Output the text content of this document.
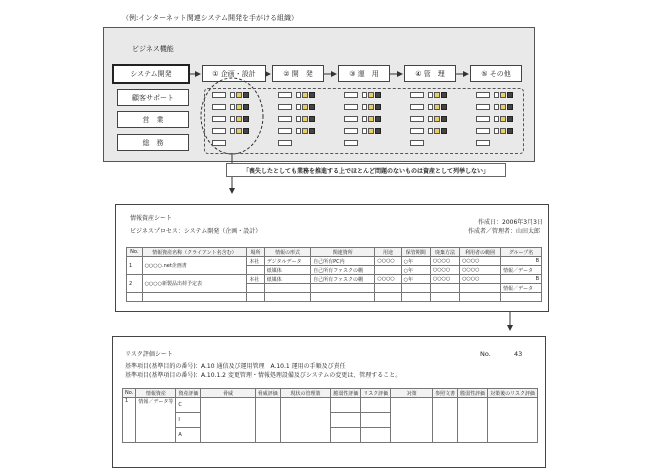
（例:インターネット関連システム開発を手がける組織）
ビジネス機能
システム開発
顧客サポート
営　業
総　務
① 企画・設計	② 開　発	③ 運　用	④ 管　理	⑤ その他
「喪失したとしても業務を推進する上でほとんど問題のないものは資産として列挙しない」
情報資産シート
作成日：2006年3月3日
ビジネスプロセス：システム開発（企画・設計）	作成者／管理者：山田太郎
No.	情報資産名称（クライアント名含む）	場所	情報の形式	関連資所	用途	保管期間	廃棄方法	利用者の範囲	グループ名
1	○○○○.net企画書	本社	デジタルデータ	自己所有PC内	○○○○	○年	○○○○	○○○○	B
			紙媒体	自己所有ファスクの棚		○年	○○○○	○○○○	情報／データ
2	○○○○新製品出荷予定表	本社	紙媒体	自己所有ファスクの棚	○○○○	○年	○○○○	○○○○	B
									情報／データ

リスク評価シート	No.	43
基準項目(基準目的の番号) ：A.10 通信及び運用管理　A.10.1 運用の手順及び責任
基準項目(基準項目の番号) ：A.10.1.2 変更管理・情報処理設備及びシステムの変更は、管理すること。
No.	情報資産	資産評価	脅威	脅威評価	現状の管理策	脆弱性評価	リスク評価	対策	参照文書	脆弱性評価	対策後のリスク評価
1	情報／データ等	C									
		I									
		A									
